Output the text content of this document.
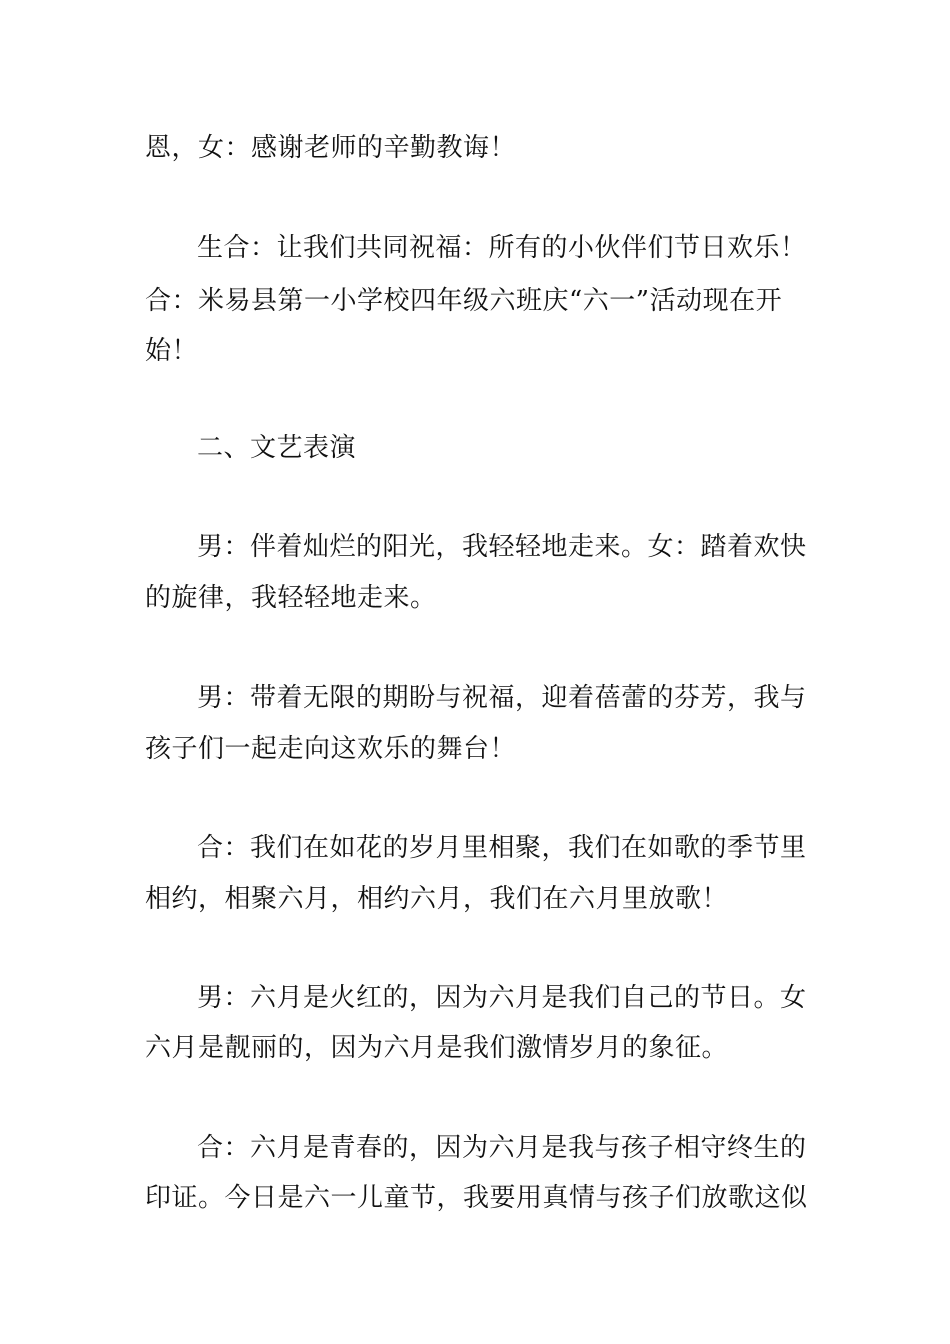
恩，女：感谢老师的辛勤教诲！
生合：让我们共同祝福：所有的小伙伴们节日欢乐！
合：米易县第一小学校四年级六班庆“六一”活动现在开
始！
二、文艺表演
男：伴着灿烂的阳光，我轻轻地走来。女：踏着欢快
的旋律，我轻轻地走来。
男：带着无限的期盼与祝福，迎着蓓蕾的芬芳，我与
孩子们一起走向这欢乐的舞台！
合：我们在如花的岁月里相聚，我们在如歌的季节里
相约，相聚六月，相约六月，我们在六月里放歌！
男：六月是火红的，因为六月是我们自己的节日。女
六月是靓丽的，因为六月是我们激情岁月的象征。
合：六月是青春的，因为六月是我与孩子相守终生的
印证。今日是六一儿童节，我要用真情与孩子们放歌这似
